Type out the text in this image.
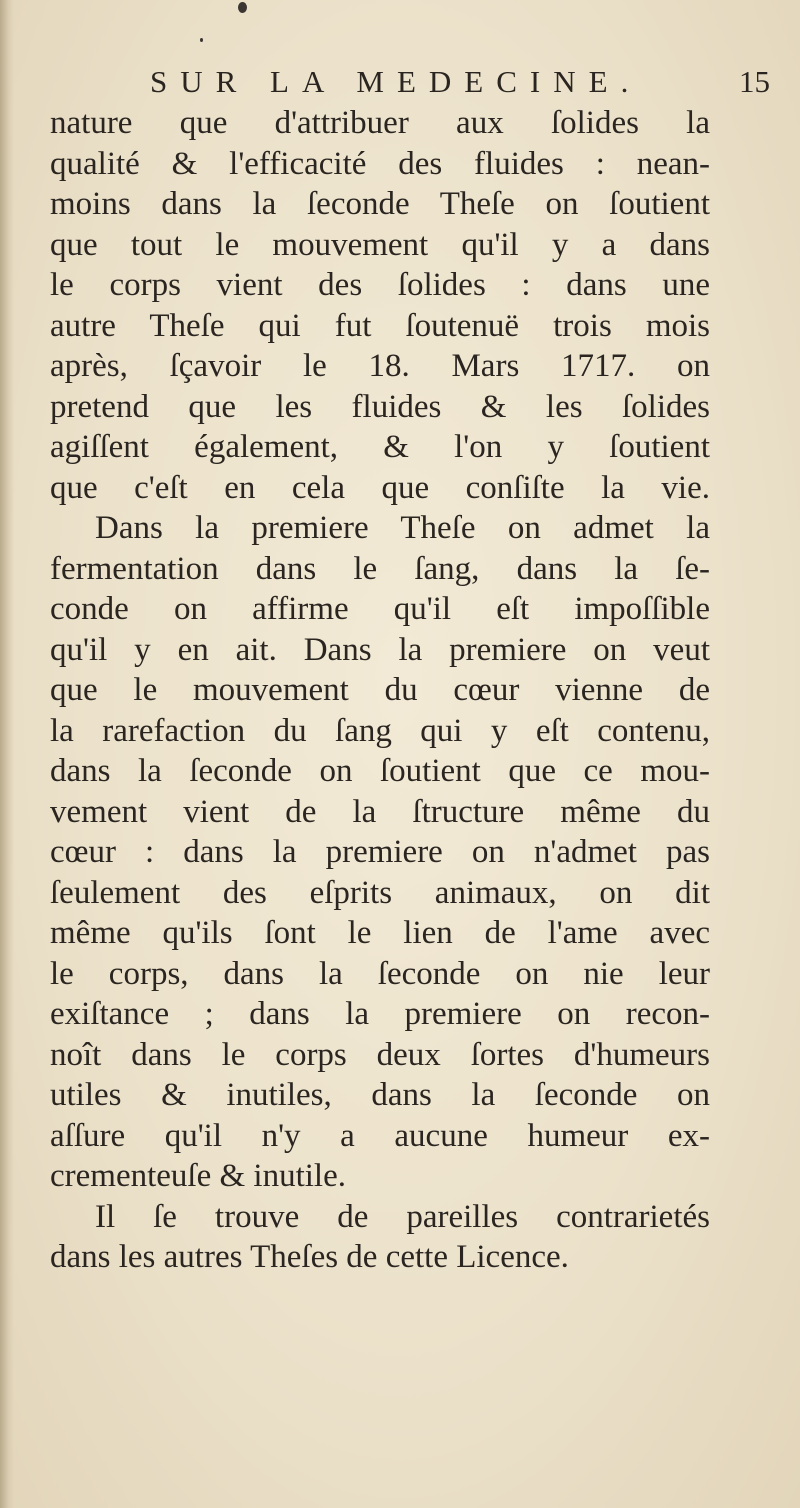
SUR LA MEDECINE.	15
nature que d'attribuer aux ſolides la
qualité & l'efficacité des fluides : nean-
moins dans la ſeconde Theſe on ſoutient
que tout le mouvement qu'il y a dans
le corps vient des ſolides : dans une
autre Theſe qui fut ſoutenuë trois mois
après, ſçavoir le 18. Mars 1717. on
pretend que les fluides & les ſolides
agiſſent également, & l'on y ſoutient
que c'eſt en cela que conſiſte la vie.
Dans la premiere Theſe on admet la
fermentation dans le ſang, dans la ſe-
conde on affirme qu'il eſt impoſſible
qu'il y en ait. Dans la premiere on veut
que le mouvement du cœur vienne de
la rarefaction du ſang qui y eſt contenu,
dans la ſeconde on ſoutient que ce mou-
vement vient de la ſtructure même du
cœur : dans la premiere on n'admet pas
ſeulement des eſprits animaux, on dit
même qu'ils ſont le lien de l'ame avec
le corps, dans la ſeconde on nie leur
exiſtance ; dans la premiere on recon-
noît dans le corps deux ſortes d'humeurs
utiles & inutiles, dans la ſeconde on
aſſure qu'il n'y a aucune humeur ex-
crementeuſe & inutile.
Il ſe trouve de pareilles contrarietés
dans les autres Theſes de cette Licence.
